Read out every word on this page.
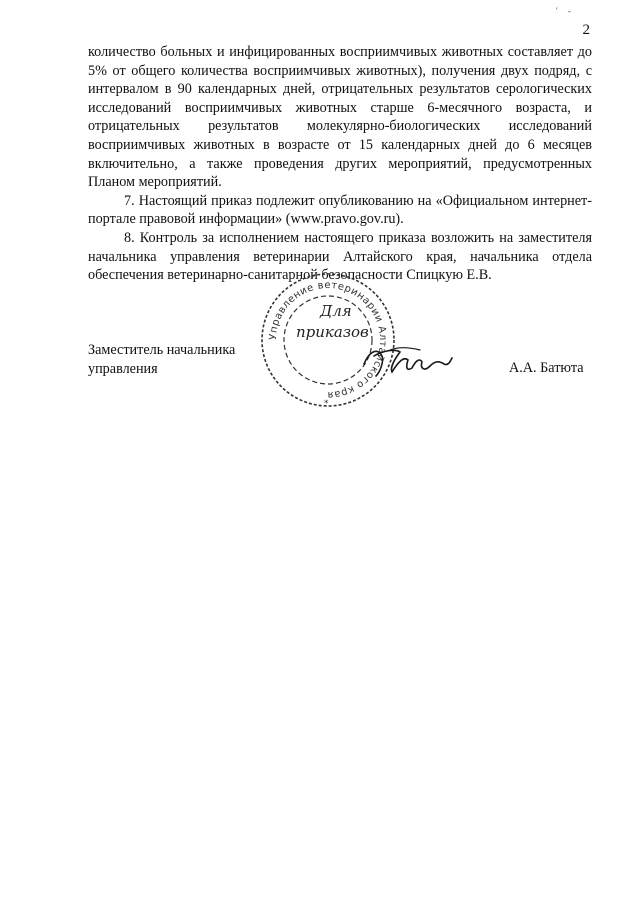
' -
2

количество больных и инфицированных восприимчивых животных составляет до 5% от общего количества восприимчивых животных), получения двух подряд, с интервалом в 90 календарных дней, отрицательных результатов серологических исследований восприимчивых животных старше 6-месячного возраста, и отрицательных результатов молекулярно-биологических исследований восприимчивых животных в возрасте от 15 календарных дней до 6 месяцев включительно, а также проведения других мероприятий, предусмотренных Планом мероприятий.

7. Настоящий приказ подлежит опубликованию на «Официальном интернет-портале правовой информации» (www.pravo.gov.ru).

8. Контроль за исполнением настоящего приказа возложить на заместителя начальника управления ветеринарии Алтайского края, начальника отдела обеспечения ветеринарно-санитарной безопасности Спицкую Е.В.

Управление ветеринарии Алтайского края
Для
приказов
*
Заместитель начальника
управления	А.А. Батюта
